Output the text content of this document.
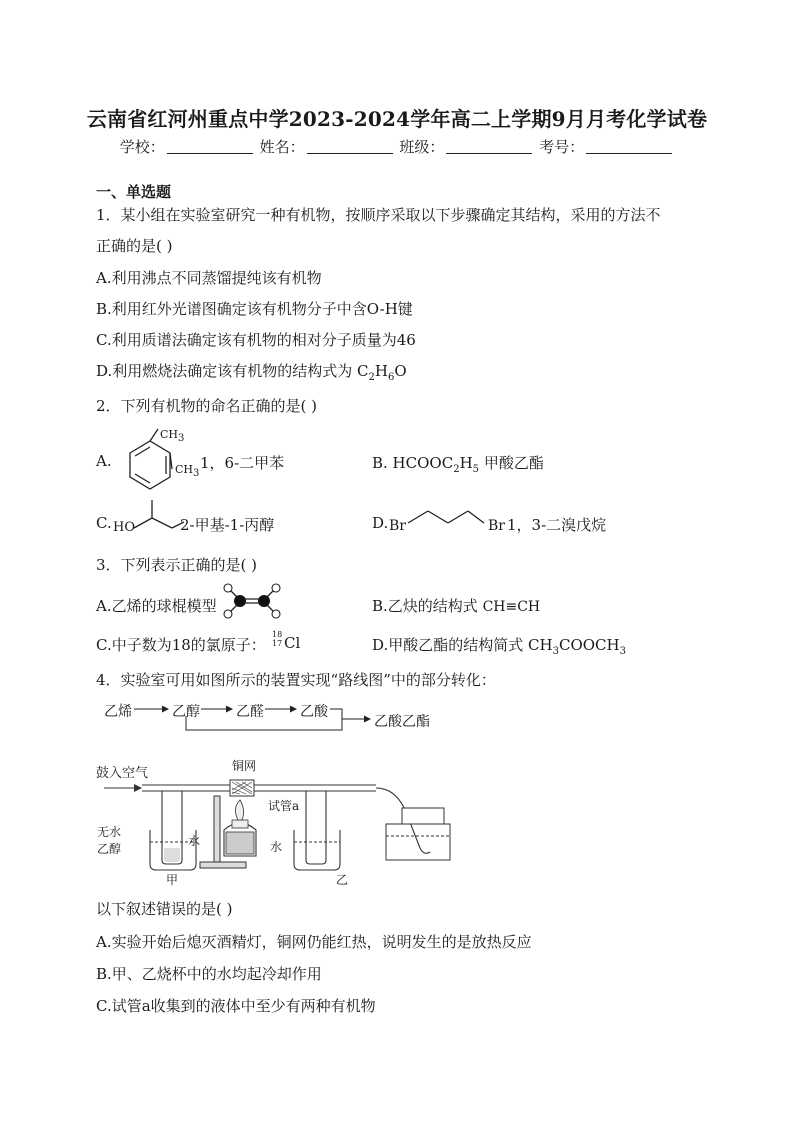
云南省红河州重点中学2023-2024学年高二上学期9月月考化学试卷
学校：	姓名：	班级：	考号：
一、单选题
1．某小组在实验室研究一种有机物，按顺序采取以下步骤确定其结构，采用的方法不
正确的是( )
A.利用沸点不同蒸馏提纯该有机物
B.利用红外光谱图确定该有机物分子中含O-H键
C.利用质谱法确定该有机物的相对分子质量为46
D.利用燃烧法确定该有机物的结构式为 $C_2H_6O$
2．下列有机物的命名正确的是( )
A.
$CH_3$
$CH_3$
1，6-二甲苯	B. $HCOOC_2H_5$ 甲酸乙酯
C. HO	2-甲基-1-丙醇	D. Br	Br 1，3-二溴戊烷
3．下列表示正确的是( )
A.乙烯的球棍模型	B.乙炔的结构式 CH≡CH
C.中子数为18的氯原子：
18
17 Cl	D.甲酸乙酯的结构简式 $CH_3COOCH_3$
4．实验室可用如图所示的装置实现“路线图”中的部分转化：
乙烯	乙醇	乙醛	乙酸
乙酸乙酯
鼓入空气	铜网
试管a
无水
乙醇
水	水
甲	乙
以下叙述错误的是( )
A.实验开始后熄灭酒精灯，铜网仍能红热，说明发生的是放热反应
B.甲、乙烧杯中的水均起冷却作用
C.试管a收集到的液体中至少有两种有机物
